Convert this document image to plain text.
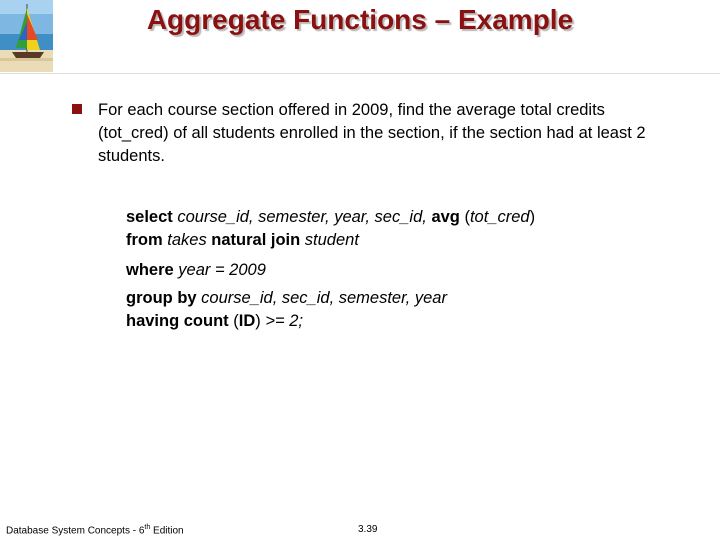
Aggregate Functions – Example
For each course section offered in 2009, find the average total credits (tot_cred) of all students enrolled in the section, if the section had at least 2 students.
select course_id, semester, year, sec_id, avg (tot_cred)
from takes natural join student
where year = 2009
group by course_id, sec_id, semester, year
having count (ID) >= 2;
Database System Concepts - 6th Edition	3.39
